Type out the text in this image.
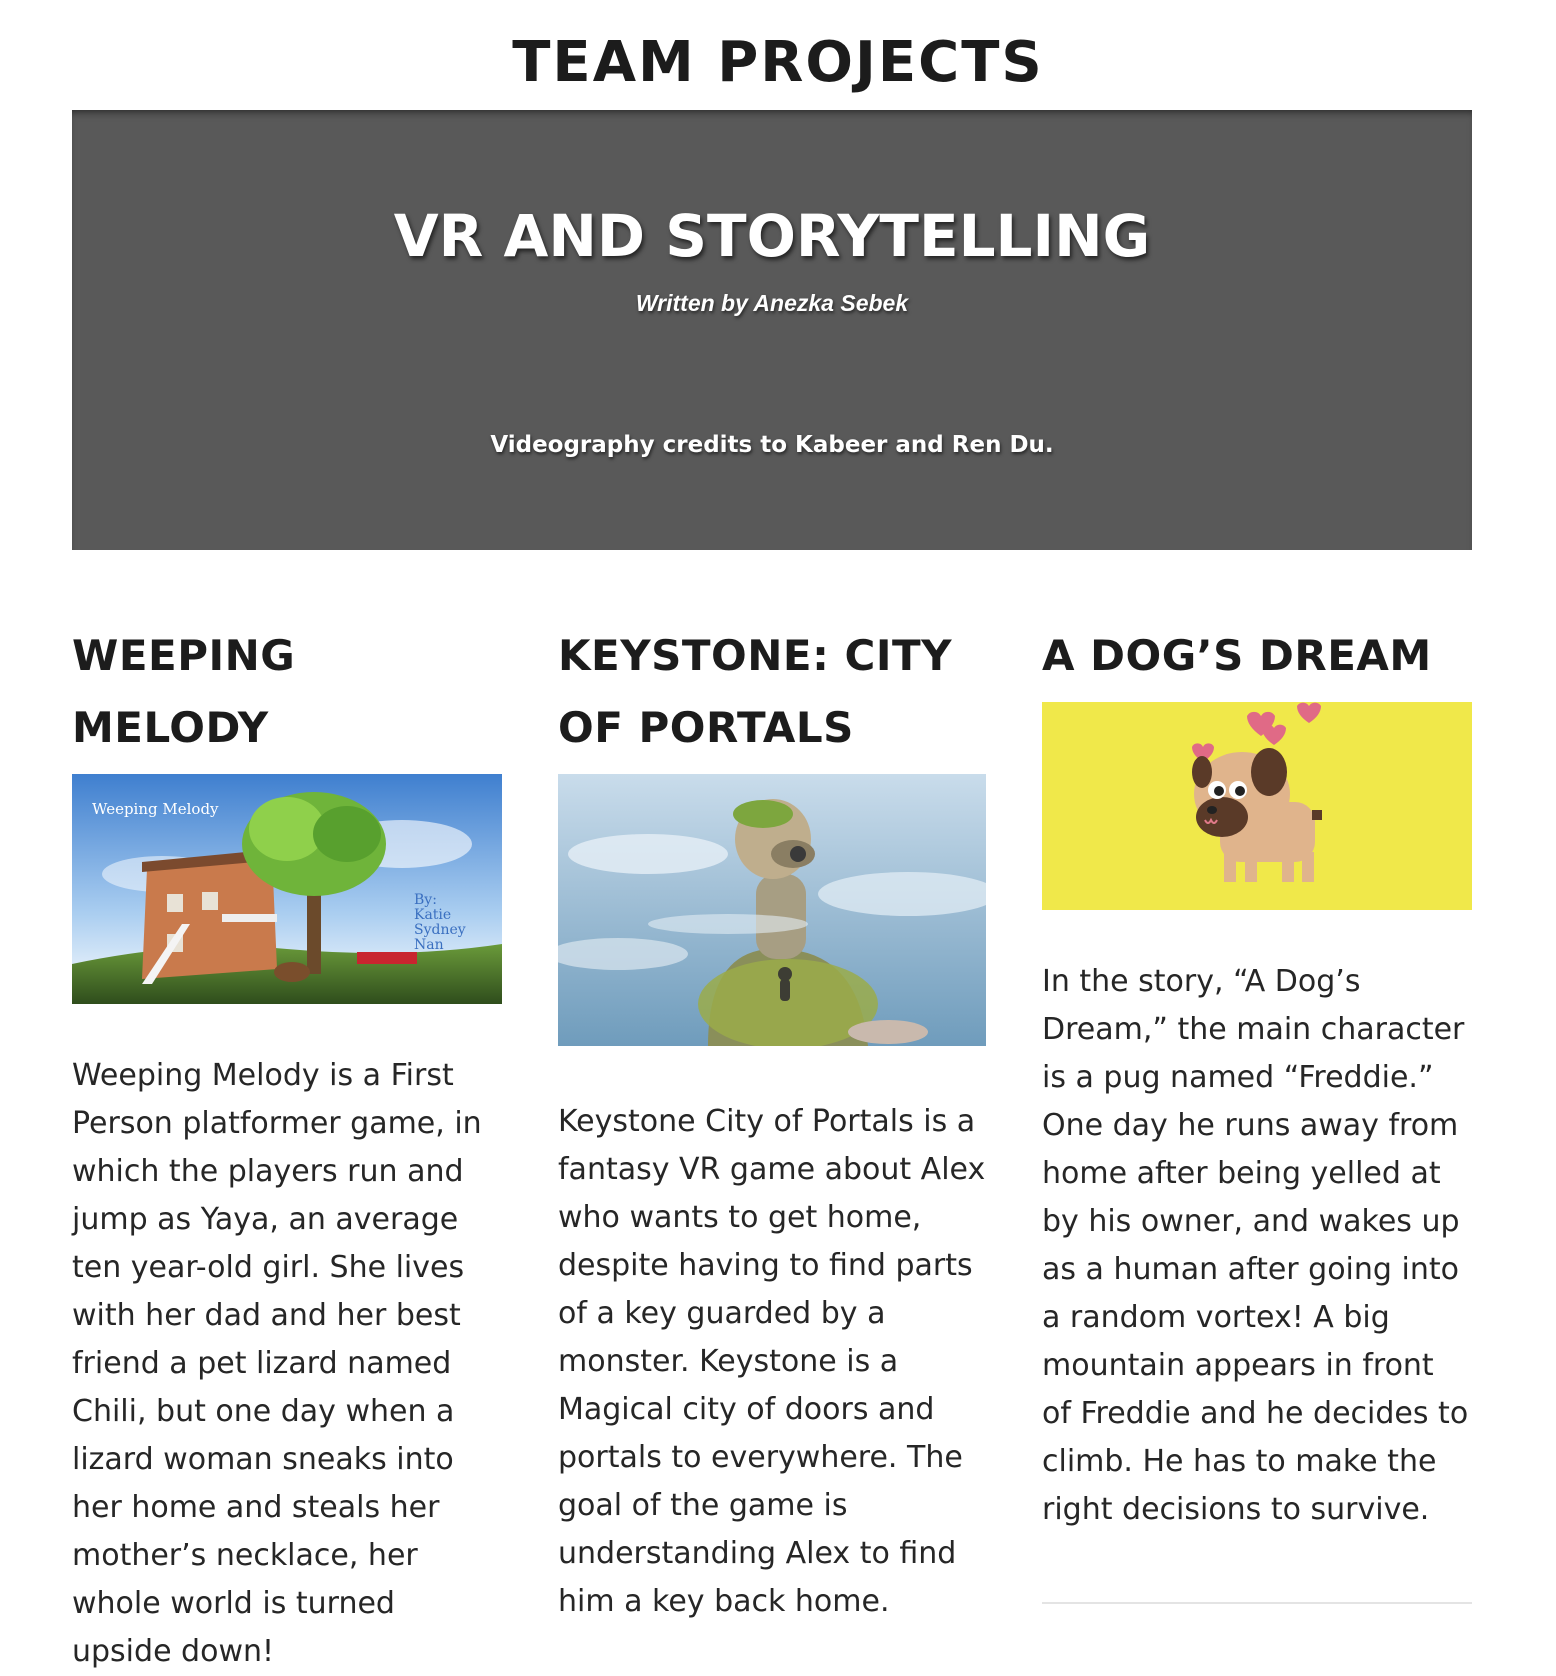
TEAM PROJECTS
VR AND STORYTELLING

Written by Anezka Sebek

Videography credits to Kabeer and Ren Du.

WEEPING MELODY
Weeping Melody
By:
Katie
Sydney
Nan

Weeping Melody is a First Person platformer game, in which the players run and jump as Yaya, an average ten year-old girl. She lives with her dad and her best friend a pet lizard named Chili, but one day when a lizard woman sneaks into her home and steals her mother’s necklace, her whole world is turned upside down!

KEYSTONE: CITY OF PORTALS

Keystone City of Portals is a fantasy VR game about Alex who wants to get home, despite having to find parts of a key guarded by a monster. Keystone is a Magical city of doors and portals to everywhere. The goal of the game is understanding Alex to find him a key back home.

A DOG’S DREAM

In the story, “A Dog’s Dream,” the main character is a pug named “Freddie.” One day he runs away from home after being yelled at by his owner, and wakes up as a human after going into a random vortex! A big mountain appears in front of Freddie and he decides to climb. He has to make the right decisions to survive.
